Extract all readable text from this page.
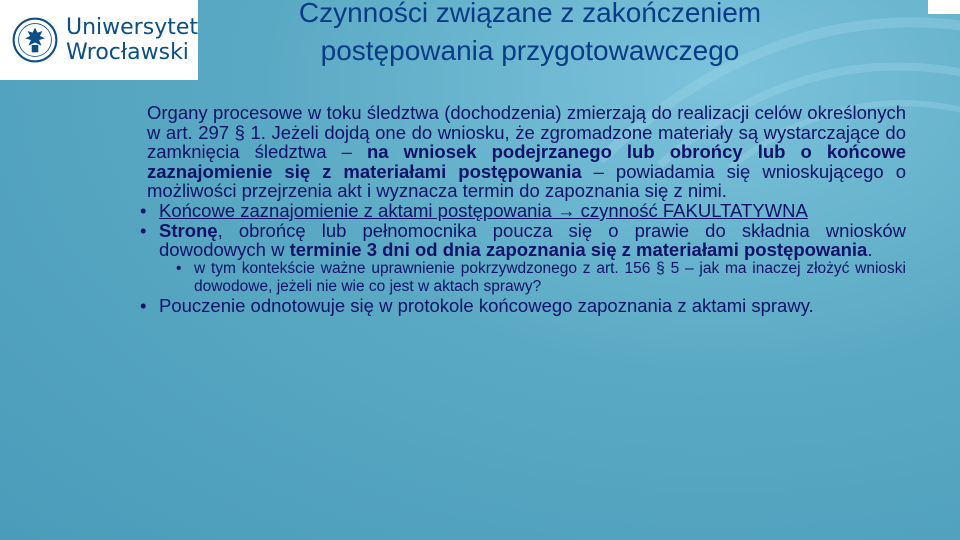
Uniwersytet
Wrocławski
Czynności związane z zakończeniem
postępowania przygotowawczego

Organy procesowe w toku śledztwa (dochodzenia) zmierzają do realizacji celów określonych w art. 297 § 1. Jeżeli dojdą one do wniosku, że zgromadzone materiały są wystarczające do zamknięcia śledztwa – na wniosek podejrzanego lub obrońcy lub o końcowe zaznajomienie się z materiałami postępowania – powiadamia się wnioskującego o możliwości przejrzenia akt i wyznacza termin do zapoznania się z nimi.

• Końcowe zaznajomienie z aktami postępowania → czynność FAKULTATYWNA

• Stronę, obrońcę lub pełnomocnika poucza się o prawie do składnia wniosków dowodowych w terminie 3 dni od dnia zapoznania się z materiałami postępowania.

• w tym kontekście ważne uprawnienie pokrzywdzonego z art. 156 § 5 – jak ma inaczej złożyć wnioski dowodowe, jeżeli nie wie co jest w aktach sprawy?

• Pouczenie odnotowuje się w protokole końcowego zapoznania z aktami sprawy.
